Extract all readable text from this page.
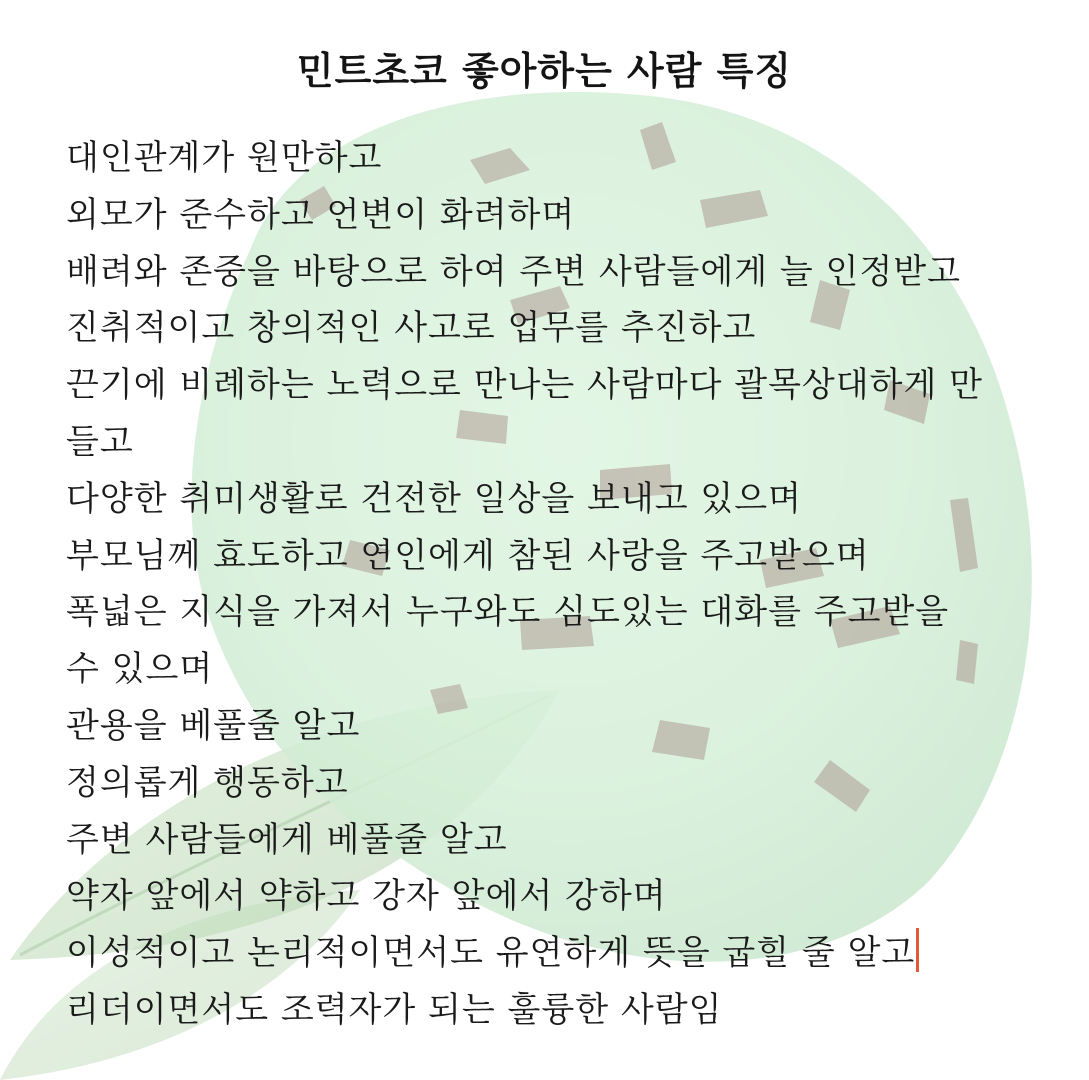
민트초코 좋아하는 사람 특징
대인관계가 원만하고
외모가 준수하고 언변이 화려하며
배려와 존중을 바탕으로 하여 주변 사람들에게 늘 인정받고
진취적이고 창의적인 사고로 업무를 추진하고
끈기에 비례하는 노력으로 만나는 사람마다 괄목상대하게 만
들고
다양한 취미생활로 건전한 일상을 보내고 있으며
부모님께 효도하고 연인에게 참된 사랑을 주고받으며
폭넓은 지식을 가져서 누구와도 심도있는 대화를 주고받을
수 있으며
관용을 베풀줄 알고
정의롭게 행동하고
주변 사람들에게 베풀줄 알고
약자 앞에서 약하고 강자 앞에서 강하며
이성적이고 논리적이면서도 유연하게 뜻을 굽힐 줄 알고
리더이면서도 조력자가 되는 훌륭한 사람임
